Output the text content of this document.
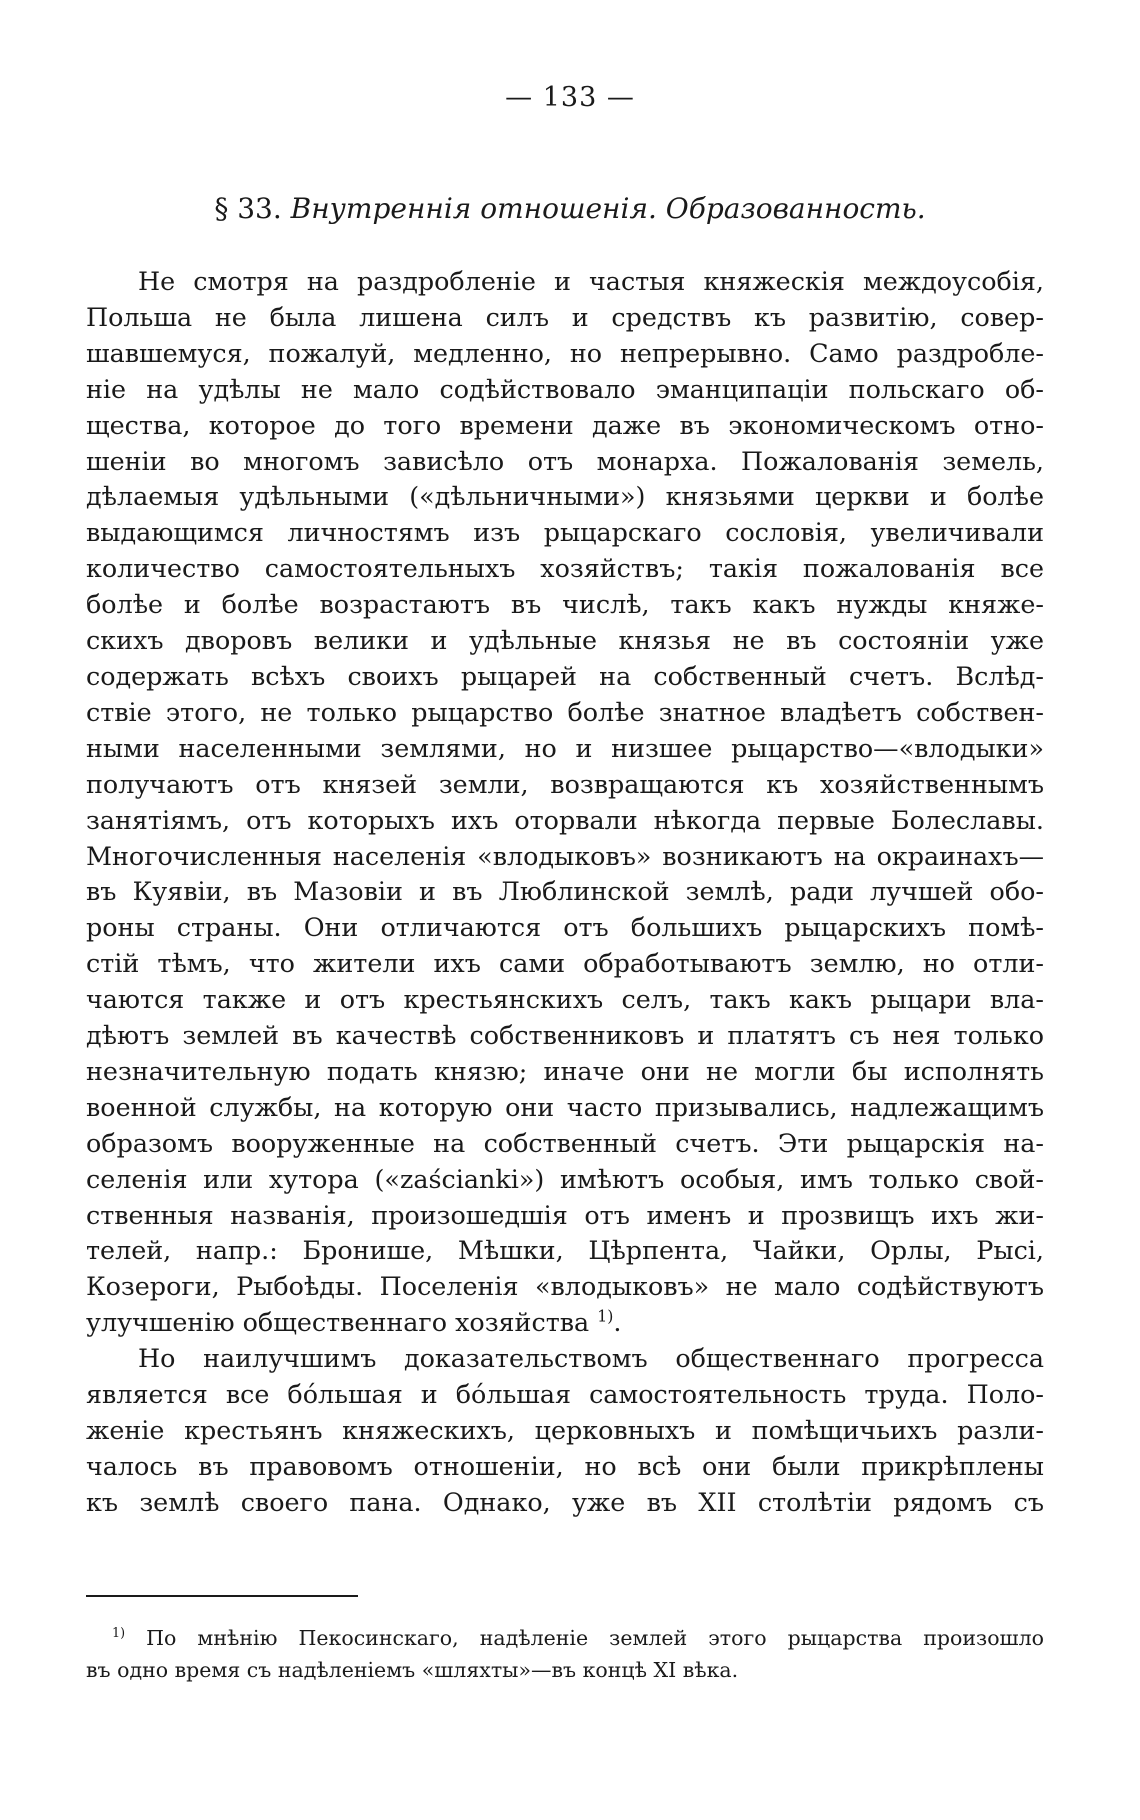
— 133 —
§ 33. Внутреннія отношенія. Образованность.
Не смотря на раздробленіе и частыя княжескія междоусобія,
Польша не была лишена силъ и средствъ къ развитію, совер-
шавшемуся, пожалуй, медленно, но непрерывно. Само раздробле-
ніе на удѣлы не мало содѣйствовало эманципаціи польскаго об-
щества, которое до того времени даже въ экономическомъ отно-
шеніи во многомъ зависѣло отъ монарха. Пожалованія земель,
дѣлаемыя удѣльными («дѣльничными») князьями церкви и болѣе
выдающимся личностямъ изъ рыцарскаго сословія, увеличивали
количество самостоятельныхъ хозяйствъ; такія пожалованія все
болѣе и болѣе возрастаютъ въ числѣ, такъ какъ нужды княже-
скихъ дворовъ велики и удѣльные князья не въ состояніи уже
содержать всѣхъ своихъ рыцарей на собственный счетъ. Вслѣд-
ствіе этого, не только рыцарство болѣе знатное владѣетъ собствен-
ными населенными землями, но и низшее рыцарство—«влодыки»
получаютъ отъ князей земли, возвращаются къ хозяйственнымъ
занятіямъ, отъ которыхъ ихъ оторвали нѣкогда первые Болеславы.
Многочисленныя населенія «влодыковъ» возникаютъ на окраинахъ—
въ Куявіи, въ Мазовіи и въ Люблинской землѣ, ради лучшей обо-
роны страны. Они отличаются отъ большихъ рыцарскихъ помѣ-
стій тѣмъ, что жители ихъ сами обработываютъ землю, но отли-
чаются также и отъ крестьянскихъ селъ, такъ какъ рыцари вла-
дѣютъ землей въ качествѣ собственниковъ и платятъ съ нея только
незначительную подать князю; иначе они не могли бы исполнять
военной службы, на которую они часто призывались, надлежащимъ
образомъ вооруженные на собственный счетъ. Эти рыцарскія на-
селенія или хутора («zaściankі») имѣютъ особыя, имъ только свой-
ственныя названія, произошедшія отъ именъ и прозвищъ ихъ жи-
телей, напр.: Бронише, Мѣшки, Цѣрпента, Чайки, Орлы, Рысi,
Козероги, Рыбоѣды. Поселенія «влодыковъ» не мало содѣйствуютъ
улучшенію общественнаго хозяйства $^{1)}$.
Но наилучшимъ доказательствомъ общественнаго прогресса
является все бо́льшая и бо́льшая самостоятельность труда. Поло-
женіе крестьянъ княжескихъ, церковныхъ и помѣщичьихъ разли-
чалось въ правовомъ отношеніи, но всѣ они были прикрѣплены
къ землѣ своего пана. Однако, уже въ XII столѣтіи рядомъ съ
$^{1)}$ По мнѣнію Пекосинскаго, надѣленіе землей этого рыцарства произошло
въ одно время съ надѣленіемъ «шляхты»—въ концѣ XI вѣка.
